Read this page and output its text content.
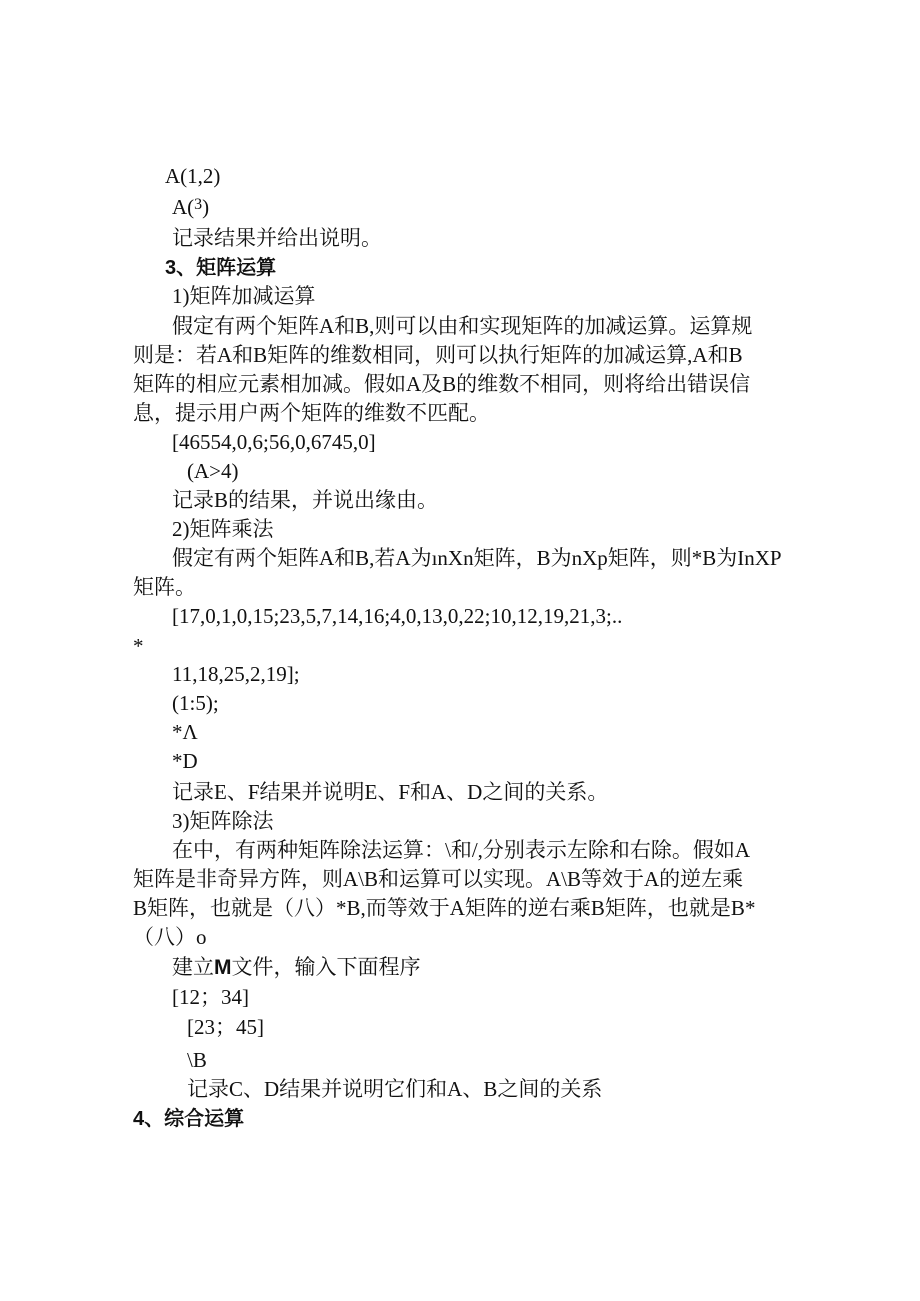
A(1,2)
A($^3$)
记录结果并给出说明。
3、矩阵运算
1)矩阵加减运算
假定有两个矩阵A和B,则可以由和实现矩阵的加减运算。运算规
则是：若A和B矩阵的维数相同，则可以执行矩阵的加减运算,A和B
矩阵的相应元素相加减。假如A及B的维数不相同，则将给出错误信
息，提示用户两个矩阵的维数不匹配。
[46554,0,6;56,0,6745,0]
(A>4)
记录B的结果，并说出缘由。
2)矩阵乘法
假定有两个矩阵A和B,若A为ınXn矩阵，B为nXp矩阵，则*B为InXP
矩阵。
[17,0,1,0,15;23,5,7,14,16;4,0,13,0,22;10,12,19,21,3;..
*
11,18,25,2,19];
(1:5);
*Λ
*D
记录E、F结果并说明E、F和A、D之间的关系。
3)矩阵除法
在中，有两种矩阵除法运算：\和/,分别表示左除和右除。假如A
矩阵是非奇异方阵，则A\B和运算可以实现。A\B等效于A的逆左乘
B矩阵，也就是（八）*B,而等效于A矩阵的逆右乘B矩阵，也就是B*
（八）o
建立M文件，输入下面程序
[12；34]
[23；45]
\B
记录C、D结果并说明它们和A、B之间的关系
4、综合运算
